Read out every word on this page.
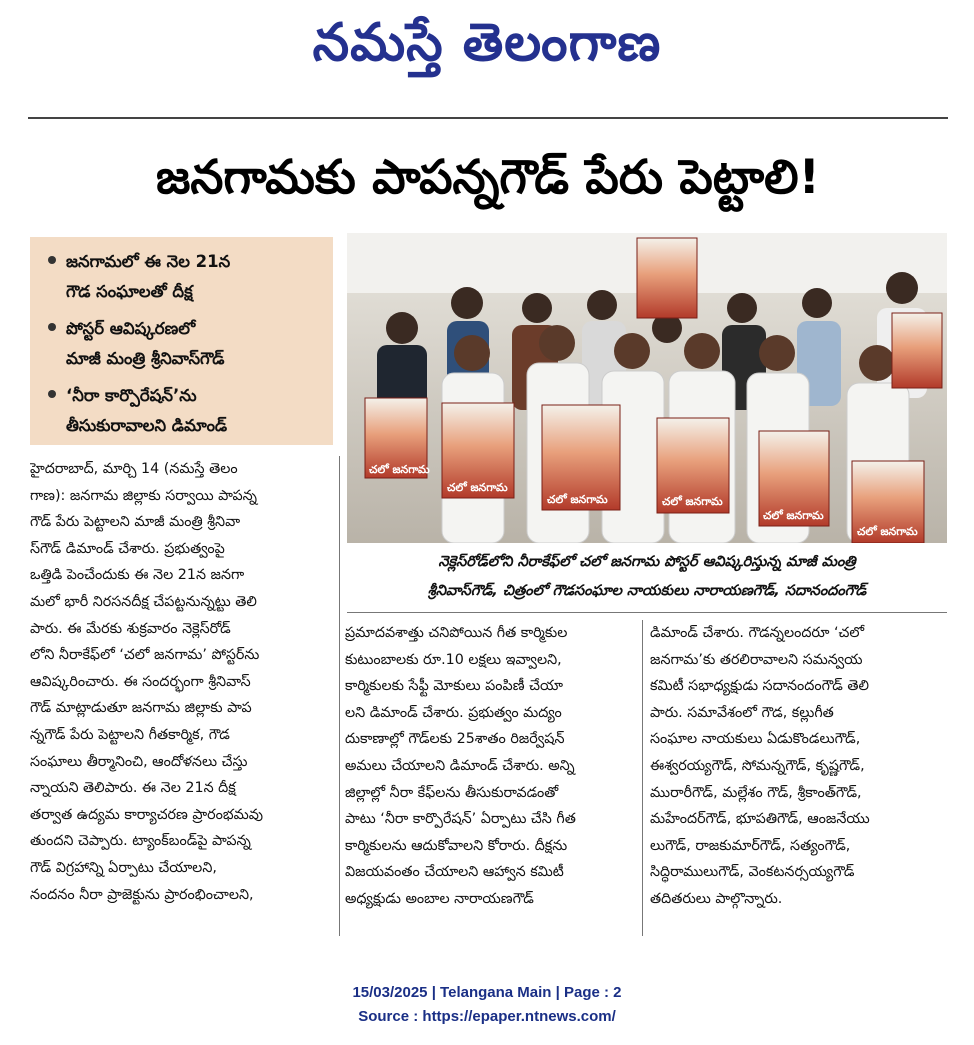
నమస్తే తెలంగాణ
జనగామకు పాపన్నగౌడ్‌ పేరు పెట్టాలి!
జనగామలో ఈ నెల 21న
గౌడ సంఘాలతో దీక్ష
పోస్టర్‌ ఆవిష్కరణలో
మాజీ మంత్రి శ్రీనివాస్‌గౌడ్‌
‘నీరా కార్పొరేషన్‌’ను
తీసుకురావాలని డిమాండ్‌
చలో జనగామ
చలో జనగామ
చలో జనగామ	చలో జనగామ
చలో జనగామ
చలో జనగామ
నెక్లెస్‌రోడ్‌లోని నీరాకేఫ్‌లో చలో జనగామ పోస్టర్‌ ఆవిష్కరిస్తున్న మాజీ మంత్రి
శ్రీనివాస్‌గౌడ్‌, చిత్రంలో గౌడసంఘాల నాయకులు నారాయణగౌడ్‌, సదానందంగౌడ్‌
హైదరాబాద్‌, మార్చి 14 (నమస్తే తెలం
గాణ): జనగామ జిల్లాకు సర్వాయి పాపన్న
గౌడ్‌ పేరు పెట్టాలని మాజీ మంత్రి శ్రీనివా
స్‌గౌడ్‌ డిమాండ్‌ చేశారు. ప్రభుత్వంపై
ఒత్తిడి పెంచేందుకు ఈ నెల 21న జనగా
మలో భారీ నిరసనదీక్ష చేపట్టనున్నట్టు తెలి
పారు. ఈ మేరకు శుక్రవారం నెక్లెస్‌రోడ్‌
లోని నీరాకేఫ్‌లో ‘చలో జనగామ’ పోస్టర్‌ను
ఆవిష్కరించారు. ఈ సందర్భంగా శ్రీనివాస్‌
గౌడ్‌ మాట్లాడుతూ జనగామ జిల్లాకు పాప
న్నగౌడ్‌ పేరు పెట్టాలని గీతకార్మిక, గౌడ
సంఘాలు తీర్మానించి, ఆందోళనలు చేస్తు
న్నాయని తెలిపారు. ఈ నెల 21న దీక్ష
తర్వాత ఉద్యమ కార్యాచరణ ప్రారంభమవు
తుందని చెప్పారు. ట్యాంక్‌బండ్‌పై పాపన్న
గౌడ్‌ విగ్రహాన్ని ఏర్పాటు చేయాలని,
నందనం నీరా ప్రాజెక్టును ప్రారంభించాలని,
ప్రమాదవశాత్తు చనిపోయిన గీత కార్మికుల
కుటుంబాలకు రూ.10 లక్షలు ఇవ్వాలని,
కార్మికులకు సేఫ్టీ మోకులు పంపిణీ చేయా
లని డిమాండ్‌ చేశారు. ప్రభుత్వం మద్యం
దుకాణాల్లో గౌడ్‌లకు 25శాతం రిజర్వేషన్‌
అమలు చేయాలని డిమాండ్‌ చేశారు. అన్ని
జిల్లాల్లో నీరా కేఫ్‌లను తీసుకురావడంతో
పాటు ‘నీరా కార్పొరేషన్‌’ ఏర్పాటు చేసి గీత
కార్మికులను ఆదుకోవాలని కోరారు. దీక్షను
విజయవంతం చేయాలని ఆహ్వాన కమిటీ
అధ్యక్షుడు అంబాల నారాయణగౌడ్‌
డిమాండ్‌ చేశారు. గౌడన్నలందరూ ‘చలో
జనగామ’కు తరలిరావాలని సమన్వయ
కమిటీ సభాధ్యక్షుడు సదానందంగౌడ్‌ తెలి
పారు. సమావేశంలో గౌడ, కల్లుగీత
సంఘాల నాయకులు ఏడుకొండలుగౌడ్‌,
ఈశ్వరయ్యగౌడ్‌, సోమన్నగౌడ్‌, కృష్ణగౌడ్‌,
మురారీగౌడ్‌, మల్లేశం గౌడ్‌, శ్రీకాంత్‌గౌడ్‌,
మహేందర్‌గౌడ్‌, భూపతిగౌడ్‌, ఆంజనేయు
లుగౌడ్‌, రాజకుమార్‌గౌడ్‌, సత్యంగౌడ్‌,
సిద్ధిరాములుగౌడ్‌, వెంకటనర్సయ్యగౌడ్‌
తదితరులు పాల్గొన్నారు.
15/03/2025 | Telangana Main | Page : 2
Source : https://epaper.ntnews.com/
